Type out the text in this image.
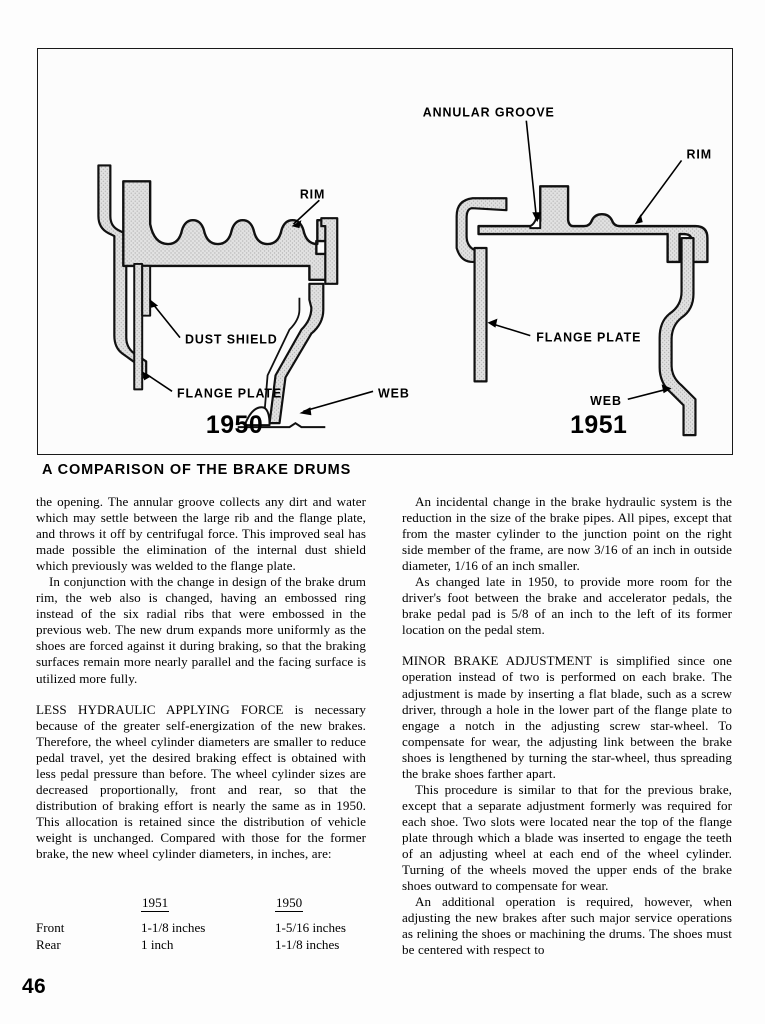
RIM
DUST SHIELD
FLANGE PLATE	WEB
1950
ANNULAR GROOVE
RIM
FLANGE PLATE
WEB
1951
A COMPARISON OF THE BRAKE DRUMS

the opening. The annular groove collects any dirt and water which may settle between the large rib and the flange plate, and throws it off by centrifugal force. This improved seal has made possible the elimination of the internal dust shield which previously was welded to the flange plate.

In conjunction with the change in design of the brake drum rim, the web also is changed, having an embossed ring instead of the six radial ribs that were embossed in the previous web. The new drum expands more uniformly as the shoes are forced against it during braking, so that the braking surfaces remain more nearly parallel and the facing surface is utilized more fully.

LESS HYDRAULIC APPLYING FORCE is necessary because of the greater self-energization of the new brakes. Therefore, the wheel cylinder diameters are smaller to reduce pedal travel, yet the desired braking effect is obtained with less pedal pressure than before. The wheel cylinder sizes are decreased proportionally, front and rear, so that the distribution of braking effort is nearly the same as in 1950. This allocation is retained since the distribution of vehicle weight is unchanged. Compared with those for the former brake, the new wheel cylinder diameters, in inches, are:

	1951	1950
Front	1-1/8 inches	1-5/16 inches
Rear	1 inch	1-1/8 inches

An incidental change in the brake hydraulic system is the reduction in the size of the brake pipes. All pipes, except that from the master cylinder to the junction point on the right side member of the frame, are now 3/16 of an inch in outside diameter, 1/16 of an inch smaller.

As changed late in 1950, to provide more room for the driver's foot between the brake and accelerator pedals, the brake pedal pad is 5/8 of an inch to the left of its former location on the pedal stem.

MINOR BRAKE ADJUSTMENT is simplified since one operation instead of two is performed on each brake. The adjustment is made by inserting a flat blade, such as a screw driver, through a hole in the lower part of the flange plate to engage a notch in the adjusting screw star-wheel. To compensate for wear, the adjusting link between the brake shoes is lengthened by turning the star-wheel, thus spreading the brake shoes farther apart.

This procedure is similar to that for the previous brake, except that a separate adjustment formerly was required for each shoe. Two slots were located near the top of the flange plate through which a blade was inserted to engage the teeth of an adjusting wheel at each end of the wheel cylinder. Turning of the wheels moved the upper ends of the brake shoes outward to compensate for wear.

An additional operation is required, however, when adjusting the new brakes after such major service operations as relining the shoes or machining the drums. The shoes must be centered with respect to

46
